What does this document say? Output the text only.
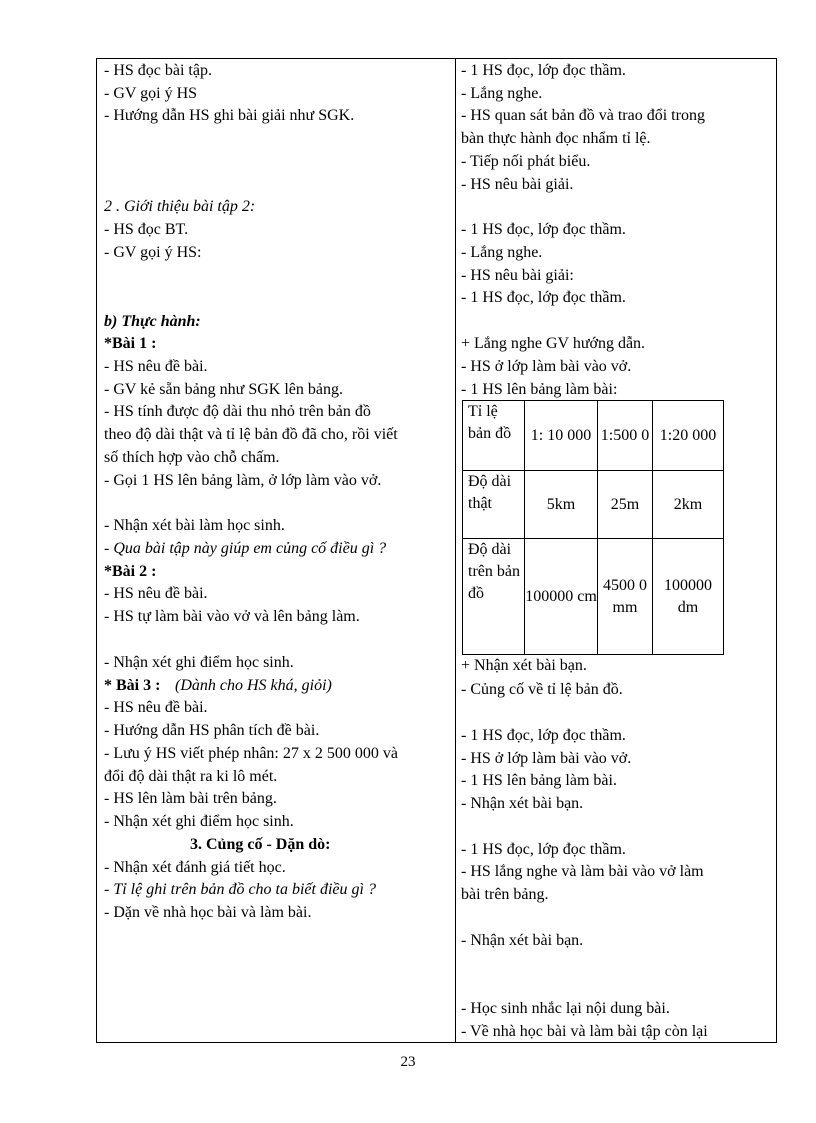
- HS đọc bài tập.
- GV gọi ý HS
- Hướng dẫn HS ghi bài giải như SGK.
2 . Giới thiệu bài tập 2:
- HS đọc BT.
- GV gọi ý HS:
b) Thực hành:
*Bài 1 :
- HS nêu đề bài.
- GV kẻ sẵn bảng như SGK lên bảng.
- HS tính được độ dài thu nhỏ trên bản đồ
theo độ dài thật và tỉ lệ bản đồ đã cho, rồi viết
số thích hợp vào chỗ chấm.
- Gọi 1 HS lên bảng làm, ở lớp làm vào vở.
- Nhận xét bài làm học sinh.
- Qua bài tập này giúp em củng cố điều gì ?
*Bài 2 :
- HS nêu đề bài.
- HS tự làm bài vào vở và lên bảng làm.
- Nhận xét ghi điểm học sinh.
* Bài 3 : (Dành cho HS khá, giỏi)
- HS nêu đề bài.
- Hướng dẫn HS phân tích đề bài.
- Lưu ý HS viết phép nhân: 27 x 2 500 000 và
đổi độ dài thật ra ki lô mét.
- HS lên làm bài trên bảng.
- Nhận xét ghi điểm học sinh.
3. Củng cố - Dặn dò:
- Nhận xét đánh giá tiết học.
- Tỉ lệ ghi trên bản đồ cho ta biết điều gì ?
- Dặn về nhà học bài và làm bài.
- 1 HS đọc, lớp đọc thầm.
- Lắng nghe.
- HS quan sát bản đồ và trao đổi trong
bàn thực hành đọc nhẩm tỉ lệ.
- Tiếp nối phát biểu.
- HS nêu bài giải.
- 1 HS đọc, lớp đọc thầm.
- Lắng nghe.
- HS nêu bài giải:
- 1 HS đọc, lớp đọc thầm.
+ Lắng nghe GV hướng dẫn.
- HS ở lớp làm bài vào vở.
- 1 HS lên bảng làm bài:
Tỉ lệ bản đồ	1: 10 000	1:500 0	1:20 000
Độ dài thật	5km	25m	2km
Độ dài trên bản đồ	100000 cm	4500 0 mm	100000 dm
+ Nhận xét bài bạn.
- Củng cố về tỉ lệ bản đồ.
- 1 HS đọc, lớp đọc thầm.
- HS ở lớp làm bài vào vở.
- 1 HS lên bảng làm bài.
- Nhận xét bài bạn.
- 1 HS đọc, lớp đọc thầm.
- HS lắng nghe và làm bài vào vở làm
bài trên bảng.
- Nhận xét bài bạn.
- Học sinh nhắc lại nội dung bài.
- Về nhà học bài và làm bài tập còn lại
23
